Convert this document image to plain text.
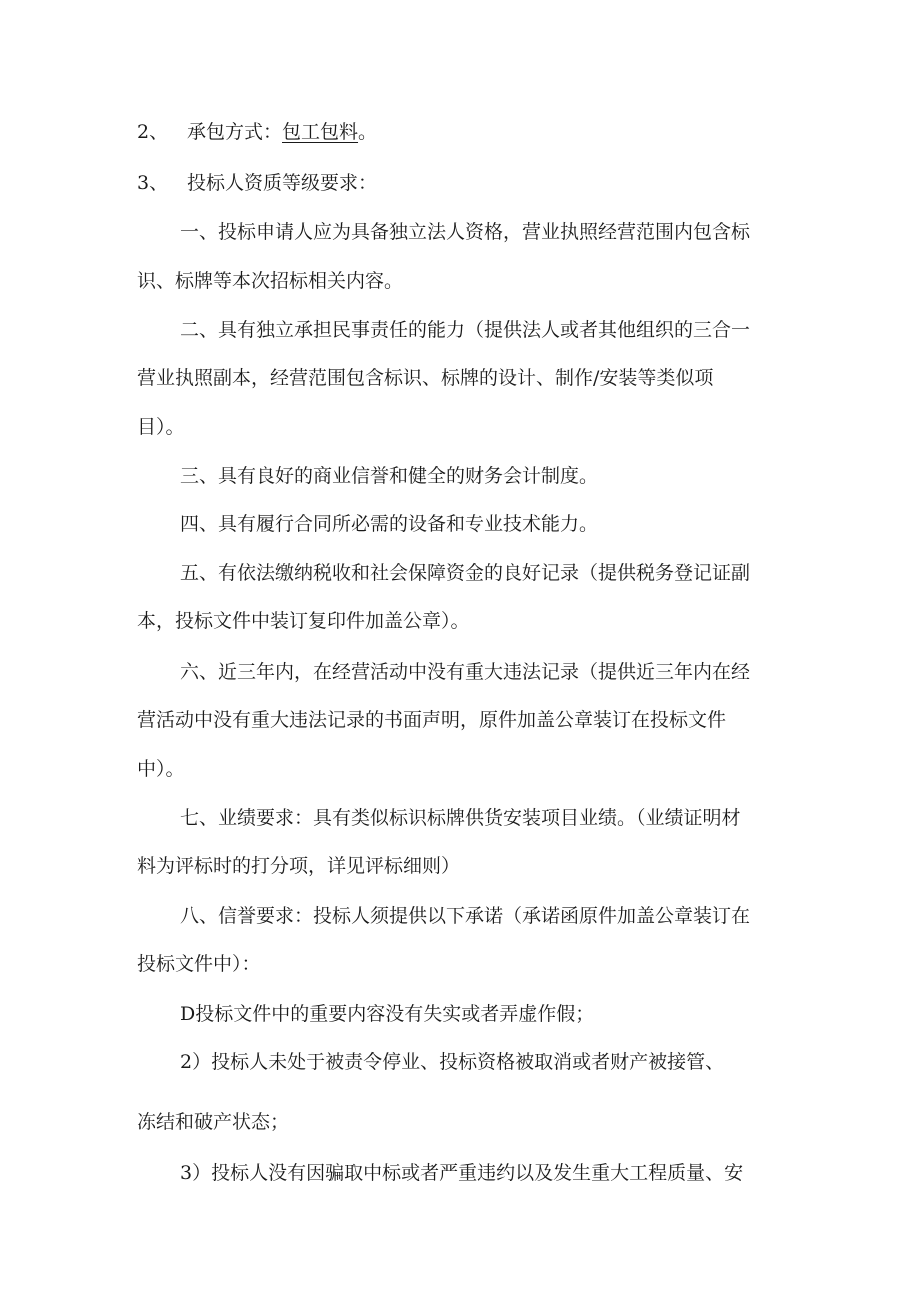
2、 承包方式：包工包料。
3、 投标人资质等级要求：
一、投标申请人应为具备独立法人资格，营业执照经营范围内包含标
识、标牌等本次招标相关内容。
二、具有独立承担民事责任的能力（提供法人或者其他组织的三合一
营业执照副本，经营范围包含标识、标牌的设计、制作/安装等类似项
目）。
三、具有良好的商业信誉和健全的财务会计制度。
四、具有履行合同所必需的设备和专业技术能力。
五、有依法缴纳税收和社会保障资金的良好记录（提供税务登记证副
本，投标文件中装订复印件加盖公章）。
六、近三年内，在经营活动中没有重大违法记录（提供近三年内在经
营活动中没有重大违法记录的书面声明，原件加盖公章装订在投标文件
中）。
七、业绩要求：具有类似标识标牌供货安装项目业绩。（业绩证明材
料为评标时的打分项，详见评标细则）
八、信誉要求：投标人须提供以下承诺（承诺函原件加盖公章装订在
投标文件中）：
D投标文件中的重要内容没有失实或者弄虚作假；
2）投标人未处于被责令停业、投标资格被取消或者财产被接管、
冻结和破产状态；
3）投标人没有因骗取中标或者严重违约以及发生重大工程质量、安
